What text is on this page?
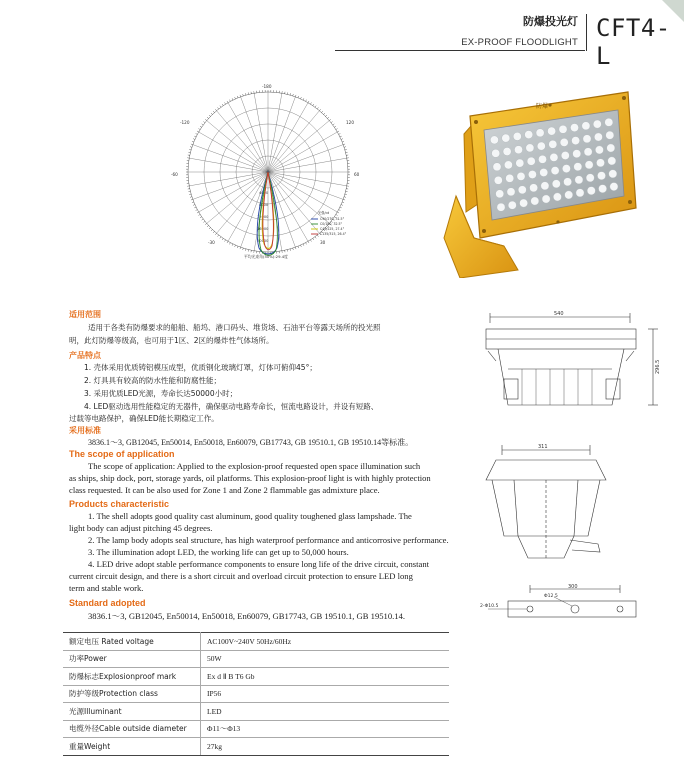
防爆投光灯
EX-PROOF FLOODLIGHT
CFT4-L
-180
-120	120
-60	60
-30	30
4000
8000
12000
16000
20000
光强/cd
C90/270, 31.5°
C0/180, 32.5°
C45/225, 27.4°
C135/315, 26.4°
平均光束角(50%):29.4度
防爆
540
296.5
311
300
2-Φ10.5
Φ12.5
适用范围
适用于各类有防爆要求的船舶、船坞、港口码头、堆货场、石油平台等露天场所的投光照
明，此灯防爆等级高，也可用于1区、2区的爆炸性气体场所。
产品特点
1. 壳体采用优质铸铝模压成型，优质钢化玻璃灯罩，灯体可俯仰45°；
2. 灯具具有较高的防水性能和防腐性能；
3. 采用优质LED光源，寿命长达50000小时；
4. LED驱动选用性能稳定的无器件，确保驱动电路寿命长，恒流电路设计，并设有短路、
过载等电路保护，确保LED能长期稳定工作。
采用标准
3836.1～3, GB12045, En50014, En50018, En60079, GB17743, GB 19510.1, GB 19510.14等标准。
The scope of application
The scope of application: Applied to the explosion-proof requested open space illumination such
as ships, ship dock, port, storage yards, oil platforms. This explosion-proof light is with highly protection
class requested. It can be also used for Zone 1 and Zone 2 flammable gas admixture place.
Products characteristic
1. The shell adopts good quality cast aluminum, good quality toughened glass lampshade. The
light body can adjust pitching 45 degrees.
2. The lamp body adopts seal structure, has high waterproof performance and anticorrosive performance.
3. The illumination adopt LED, the working life can get up to 50,000 hours.
4. LED drive adopt stable performance components to ensure long life of the drive circuit, constant
current circuit design, and there is a short circuit and overload circuit protection to ensure LED long
term and stable work.
Standard adopted
3836.1～3, GB12045, En50014, En50018, En60079, GB17743, GB 19510.1, GB 19510.14.
额定电压 Rated voltage	AC100V~240V 50Hz/60Hz
功率Power	50W
防爆标志Explosionproof mark	Ex d Ⅱ B T6 Gb
防护等级Protection class	IP56
光源Illuminant	LED
电缆外径Cable outside diameter	Φ11～Φ13
重量Weight	27kg
